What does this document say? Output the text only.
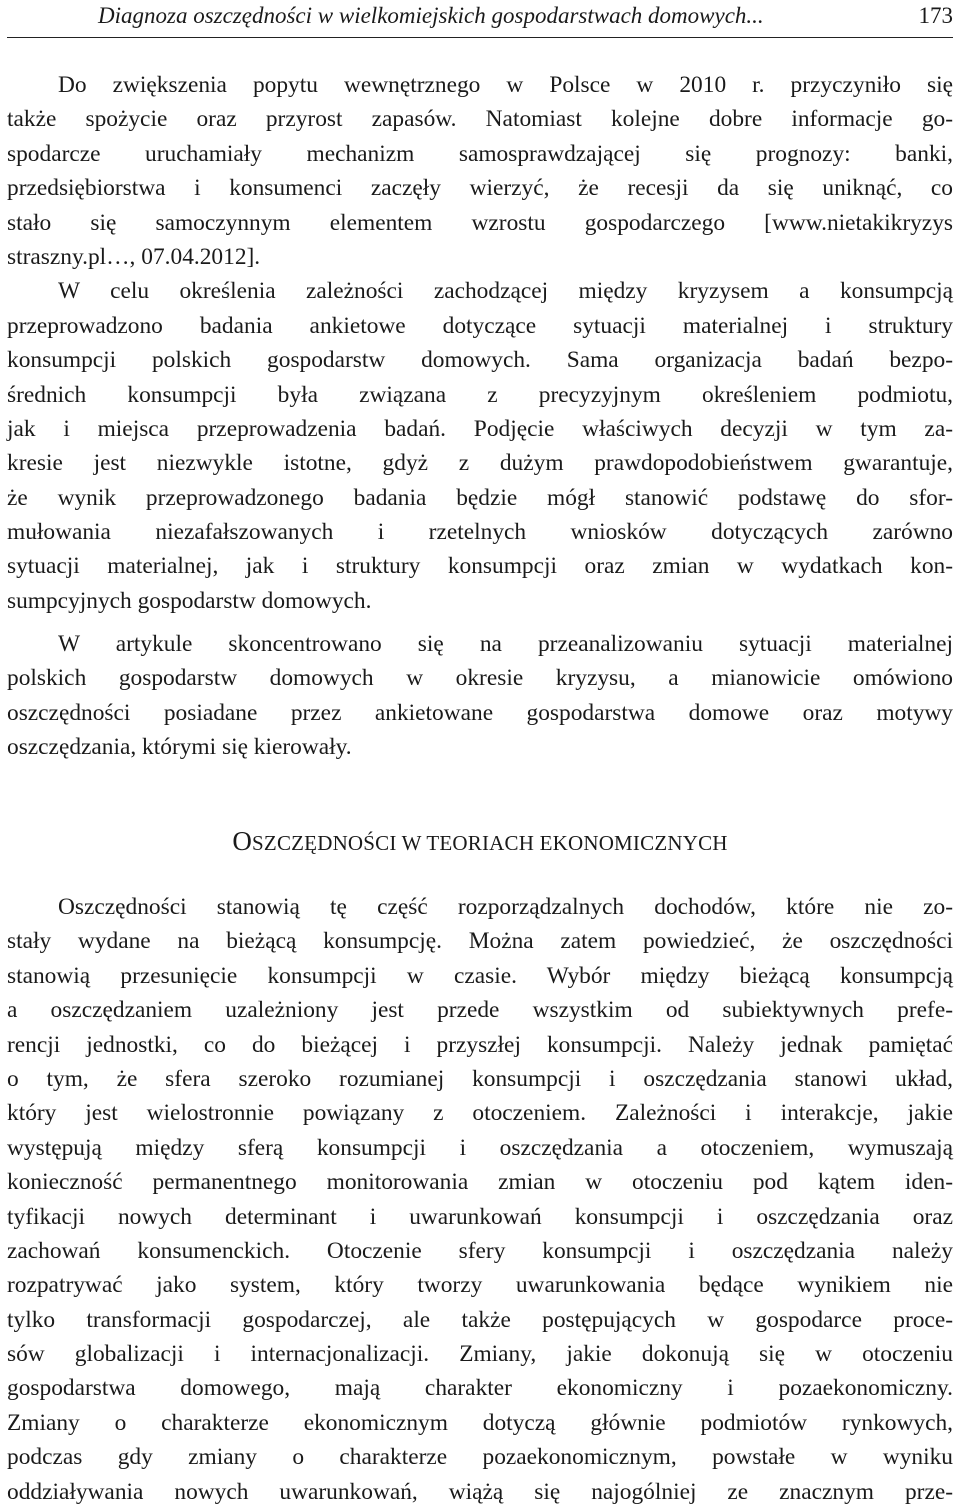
Diagnoza oszczędności w wielkomiejskich gospodarstwach domowych...	173
Do zwiększenia popytu wewnętrznego w Polsce w 2010 r. przyczyniło się
także spożycie oraz przyrost zapasów. Natomiast kolejne dobre informacje go-
spodarcze uruchamiały mechanizm samosprawdzającej się prognozy: banki,
przedsiębiorstwa i konsumenci zaczęły wierzyć, że recesji da się uniknąć, co
stało się samoczynnym elementem wzrostu gospodarczego [www.nietakikryzys
straszny.pl…, 07.04.2012].
W celu określenia zależności zachodzącej między kryzysem a konsumpcją
przeprowadzono badania ankietowe dotyczące sytuacji materialnej i struktury
konsumpcji polskich gospodarstw domowych. Sama organizacja badań bezpo-
średnich konsumpcji była związana z precyzyjnym określeniem podmiotu,
jak i miejsca przeprowadzenia badań. Podjęcie właściwych decyzji w tym za-
kresie jest niezwykle istotne, gdyż z dużym prawdopodobieństwem gwarantuje,
że wynik przeprowadzonego badania będzie mógł stanowić podstawę do sfor-
mułowania niezafałszowanych i rzetelnych wniosków dotyczących zarówno
sytuacji materialnej, jak i struktury konsumpcji oraz zmian w wydatkach kon-
sumpcyjnych gospodarstw domowych.
W artykule skoncentrowano się na przeanalizowaniu sytuacji materialnej
polskich gospodarstw domowych w okresie kryzysu, a mianowicie omówiono
oszczędności posiadane przez ankietowane gospodarstwa domowe oraz motywy
oszczędzania, którymi się kierowały.
OSZCZĘDNOŚCI W TEORIACH EKONOMICZNYCH
Oszczędności stanowią tę część rozporządzalnych dochodów, które nie zo-
stały wydane na bieżącą konsumpcję. Można zatem powiedzieć, że oszczędności
stanowią przesunięcie konsumpcji w czasie. Wybór między bieżącą konsumpcją
a oszczędzaniem uzależniony jest przede wszystkim od subiektywnych prefe-
rencji jednostki, co do bieżącej i przyszłej konsumpcji. Należy jednak pamiętać
o tym, że sfera szeroko rozumianej konsumpcji i oszczędzania stanowi układ,
który jest wielostronnie powiązany z otoczeniem. Zależności i interakcje, jakie
występują między sferą konsumpcji i oszczędzania a otoczeniem, wymuszają
konieczność permanentnego monitorowania zmian w otoczeniu pod kątem iden-
tyfikacji nowych determinant i uwarunkowań konsumpcji i oszczędzania oraz
zachowań konsumenckich. Otoczenie sfery konsumpcji i oszczędzania należy
rozpatrywać jako system, który tworzy uwarunkowania będące wynikiem nie
tylko transformacji gospodarczej, ale także postępujących w gospodarce proce-
sów globalizacji i internacjonalizacji. Zmiany, jakie dokonują się w otoczeniu
gospodarstwa domowego, mają charakter ekonomiczny i pozaekonomiczny.
Zmiany o charakterze ekonomicznym dotyczą głównie podmiotów rynkowych,
podczas gdy zmiany o charakterze pozaekonomicznym, powstałe w wyniku
oddziaływania nowych uwarunkowań, wiążą się najogólniej ze znacznym prze-
